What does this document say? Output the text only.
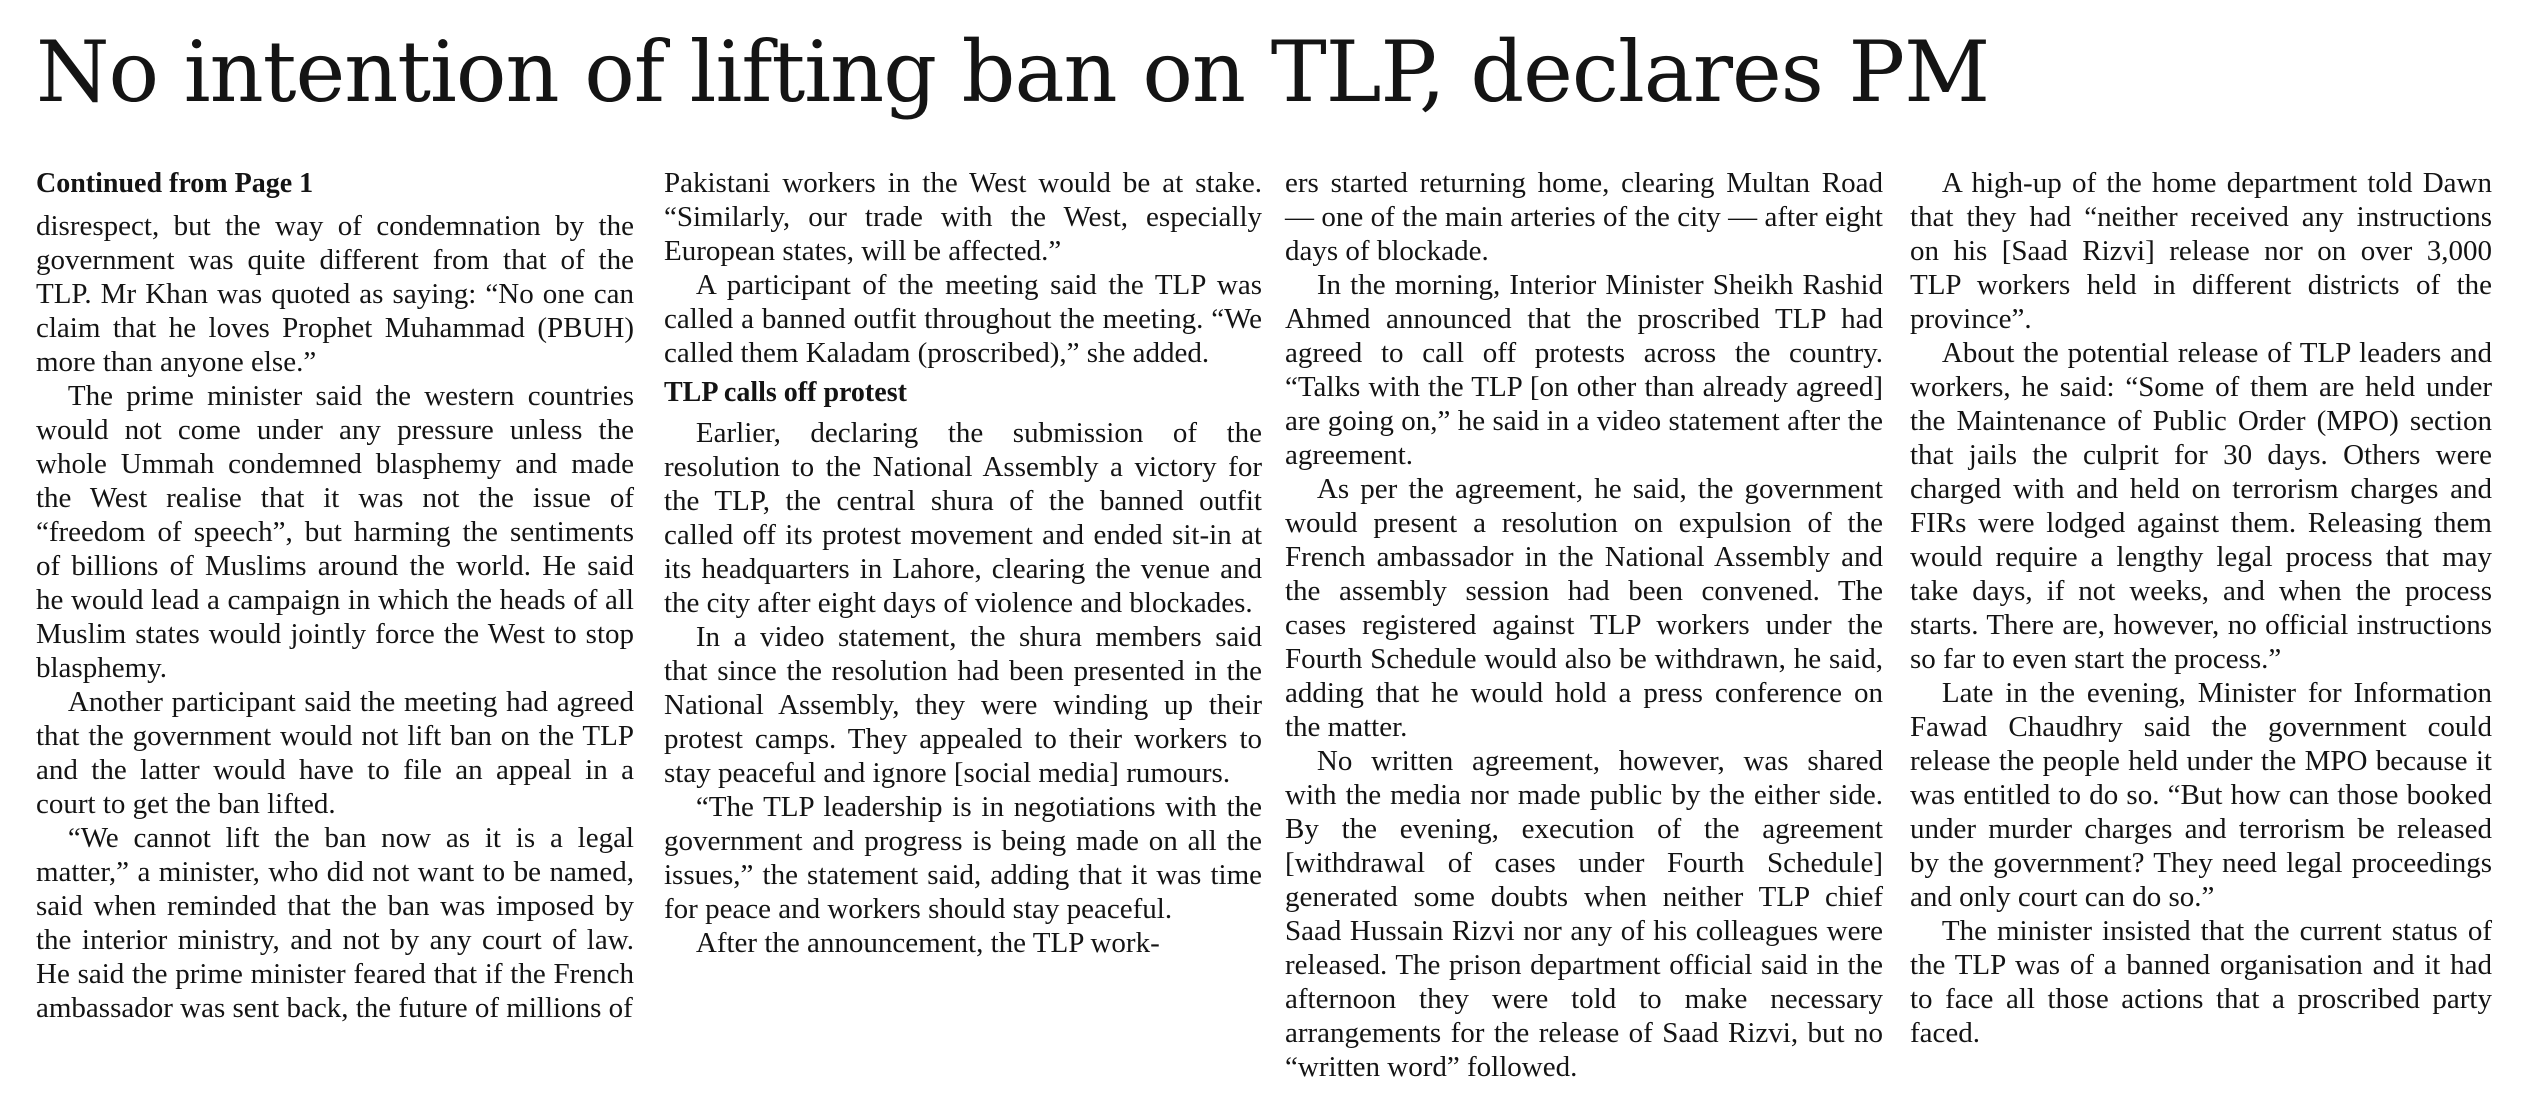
No intention of lifting ban on TLP, declares PM
Continued from Page 1

disrespect, but the way of condemnation by the government was quite different from that of the TLP. Mr Khan was quoted as saying: “No one can claim that he loves Prophet Muhammad (PBUH) more than anyone else.”

The prime minister said the western countries would not come under any pressure unless the whole Ummah condemned blasphemy and made the West realise that it was not the issue of “freedom of speech”, but harming the sentiments of billions of Muslims around the world. He said he would lead a campaign in which the heads of all Muslim states would jointly force the West to stop blasphemy.

Another participant said the meeting had agreed that the government would not lift ban on the TLP and the latter would have to file an appeal in a court to get the ban lifted.

“We cannot lift the ban now as it is a legal matter,” a minister, who did not want to be named, said when reminded that the ban was imposed by the interior ministry, and not by any court of law. He said the prime minister feared that if the French ambassador was sent back, the future of millions of

Pakistani workers in the West would be at stake. “Similarly, our trade with the West, especially European states, will be affected.”

A participant of the meeting said the TLP was called a banned outfit throughout the meeting. “We called them Kaladam (proscribed),” she added.

TLP calls off protest

Earlier, declaring the submission of the resolution to the National Assembly a victory for the TLP, the central shura of the banned outfit called off its protest movement and ended sit-in at its headquarters in Lahore, clearing the venue and the city after eight days of violence and blockades.

In a video statement, the shura members said that since the resolution had been presented in the National Assembly, they were winding up their protest camps. They appealed to their workers to stay peaceful and ignore [social media] rumours.

“The TLP leadership is in negotiations with the government and progress is being made on all the issues,” the statement said, adding that it was time for peace and workers should stay peaceful.

After the announcement, the TLP work-

ers started returning home, clearing Multan Road — one of the main arteries of the city — after eight days of blockade.

In the morning, Interior Minister Sheikh Rashid Ahmed announced that the proscribed TLP had agreed to call off protests across the country. “Talks with the TLP [on other than already agreed] are going on,” he said in a video statement after the agreement.

As per the agreement, he said, the government would present a resolution on expulsion of the French ambassador in the National Assembly and the assembly session had been convened. The cases registered against TLP workers under the Fourth Schedule would also be withdrawn, he said, adding that he would hold a press conference on the matter.

No written agreement, however, was shared with the media nor made public by the either side. By the evening, execution of the agreement [withdrawal of cases under Fourth Schedule] generated some doubts when neither TLP chief Saad Hussain Rizvi nor any of his colleagues were released. The prison department official said in the afternoon they were told to make necessary arrangements for the release of Saad Rizvi, but no “written word” followed.

A high-up of the home department told Dawn that they had “neither received any instructions on his [Saad Rizvi] release nor on over 3,000 TLP workers held in different districts of the province”.

About the potential release of TLP leaders and workers, he said: “Some of them are held under the Maintenance of Public Order (MPO) section that jails the culprit for 30 days. Others were charged with and held on terrorism charges and FIRs were lodged against them. Releasing them would require a lengthy legal process that may take days, if not weeks, and when the process starts. There are, however, no official instructions so far to even start the process.”

Late in the evening, Minister for Information Fawad Chaudhry said the government could release the people held under the MPO because it was entitled to do so. “But how can those booked under murder charges and terrorism be released by the government? They need legal proceedings and only court can do so.”

The minister insisted that the current status of the TLP was of a banned organisation and it had to face all those actions that a proscribed party faced.
